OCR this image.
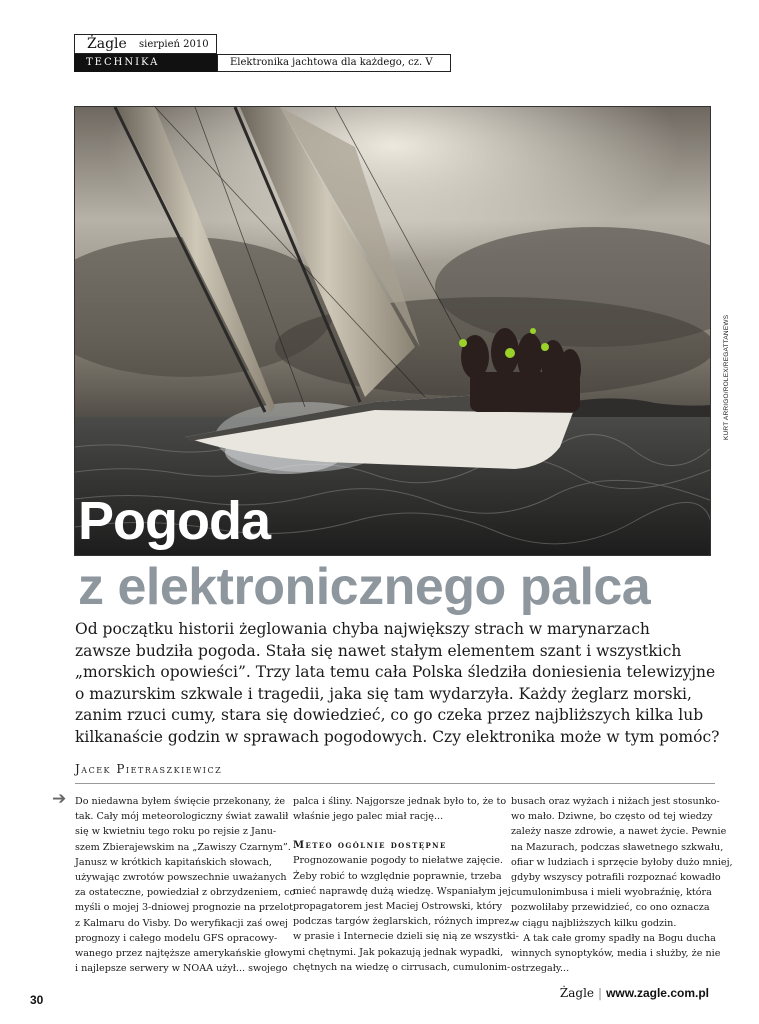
Żagle sierpień 2010
TECHNIKA	Elektronika jachtowa dla każdego, cz. V
KURT ARRIGO/ROLEX/REGATTANEWS
Pogoda
z elektronicznego palca

Od początku historii żeglowania chyba największy strach w marynarzach

zawsze budziła pogoda. Stała się nawet stałym elementem szant i wszystkich

„morskich opowieści”. Trzy lata temu cała Polska śledziła doniesienia telewizyjne

o mazurskim szkwale i tragedii, jaka się tam wydarzyła. Każdy żeglarz morski,

zanim rzuci cumy, stara się dowiedzieć, co go czeka przez najbliższych kilka lub

kilkanaście godzin w sprawach pogodowych. Czy elektronika może w tym pomóc?

Jacek Pietraszkiewicz
➔ Do niedawna byłem święcie przekonany, że

tak. Cały mój meteorologiczny świat zawalił

się w kwietniu tego roku po rejsie z Janu-

szem Zbierajewskim na „Zawiszy Czarnym”.

Janusz w krótkich kapitańskich słowach,

używając zwrotów powszechnie uważanych

za ostateczne, powiedział z obrzydzeniem, co

myśli o mojej 3-dniowej prognozie na przelot

z Kalmaru do Visby. Do weryfikacji zaś owej

prognozy i całego modelu GFS opracowy-

wanego przez najtęższe amerykańskie głowy

i najlepsze serwery w NOAA użył... swojego

palca i śliny. Najgorsze jednak było to, że to

właśnie jego palec miał rację...

Meteo ogólnie dostępne

Prognozowanie pogody to niełatwe zajęcie.

Żeby robić to względnie poprawnie, trzeba

mieć naprawdę dużą wiedzę. Wspaniałym jej

propagatorem jest Maciej Ostrowski, który

podczas targów żeglarskich, różnych imprez,

w prasie i Internecie dzieli się nią ze wszystki-

mi chętnymi. Jak pokazują jednak wypadki,

chętnych na wiedzę o cirrusach, cumulonim-

busach oraz wyżach i niżach jest stosunko-

wo mało. Dziwne, bo często od tej wiedzy

zależy nasze zdrowie, a nawet życie. Pewnie

na Mazurach, podczas sławetnego szkwału,

ofiar w ludziach i sprzęcie byłoby dużo mniej,

gdyby wszyscy potrafili rozpoznać kowadło

cumulonimbusa i mieli wyobraźnię, która

pozwoliłaby przewidzieć, co ono oznacza

w ciągu najbliższych kilku godzin.

A tak całe gromy spadły na Bogu ducha

winnych synoptyków, media i służby, że nie

ostrzegały...

30	Żagle | www.zagle.com.pl
